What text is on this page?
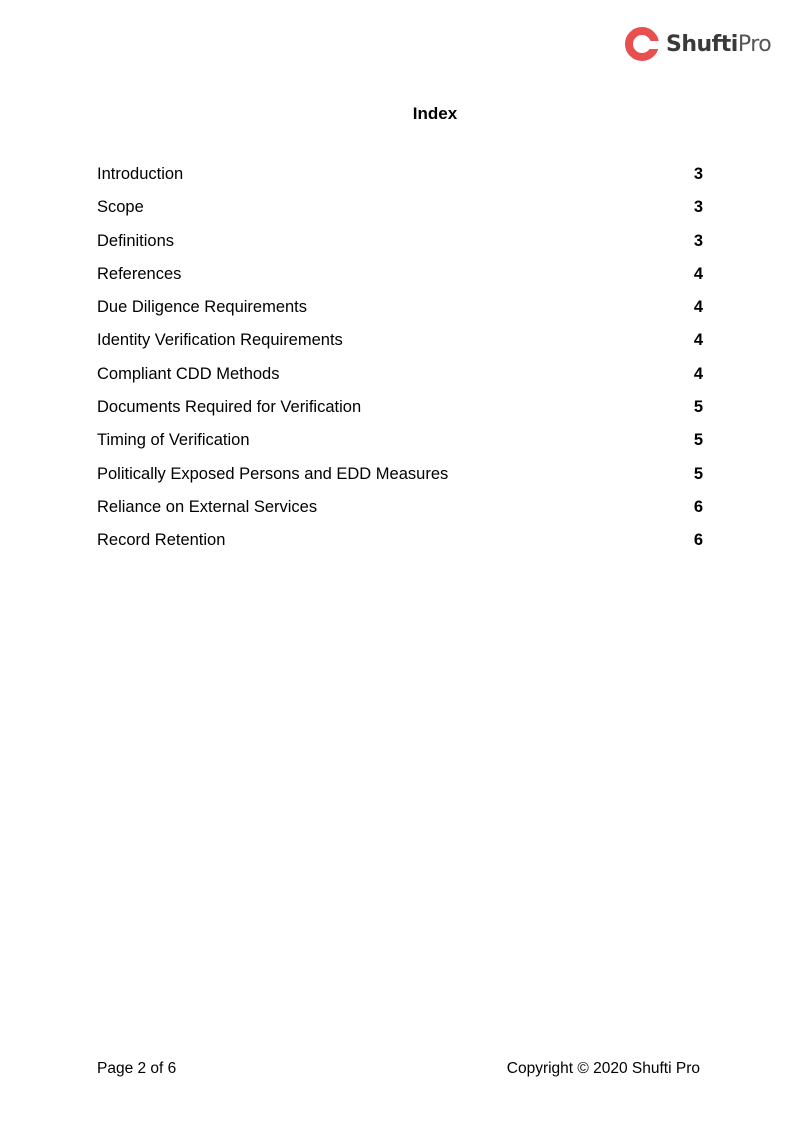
ShuftiPro
Index
Introduction	3
Scope	3
Definitions	3
References	4
Due Diligence Requirements	4
Identity Verification Requirements	4
Compliant CDD Methods	4
Documents Required for Verification	5
Timing of Verification	5
Politically Exposed Persons and EDD Measures	5
Reliance on External Services	6
Record Retention	6
Page 2 of 6	Copyright © 2020 Shufti Pro
